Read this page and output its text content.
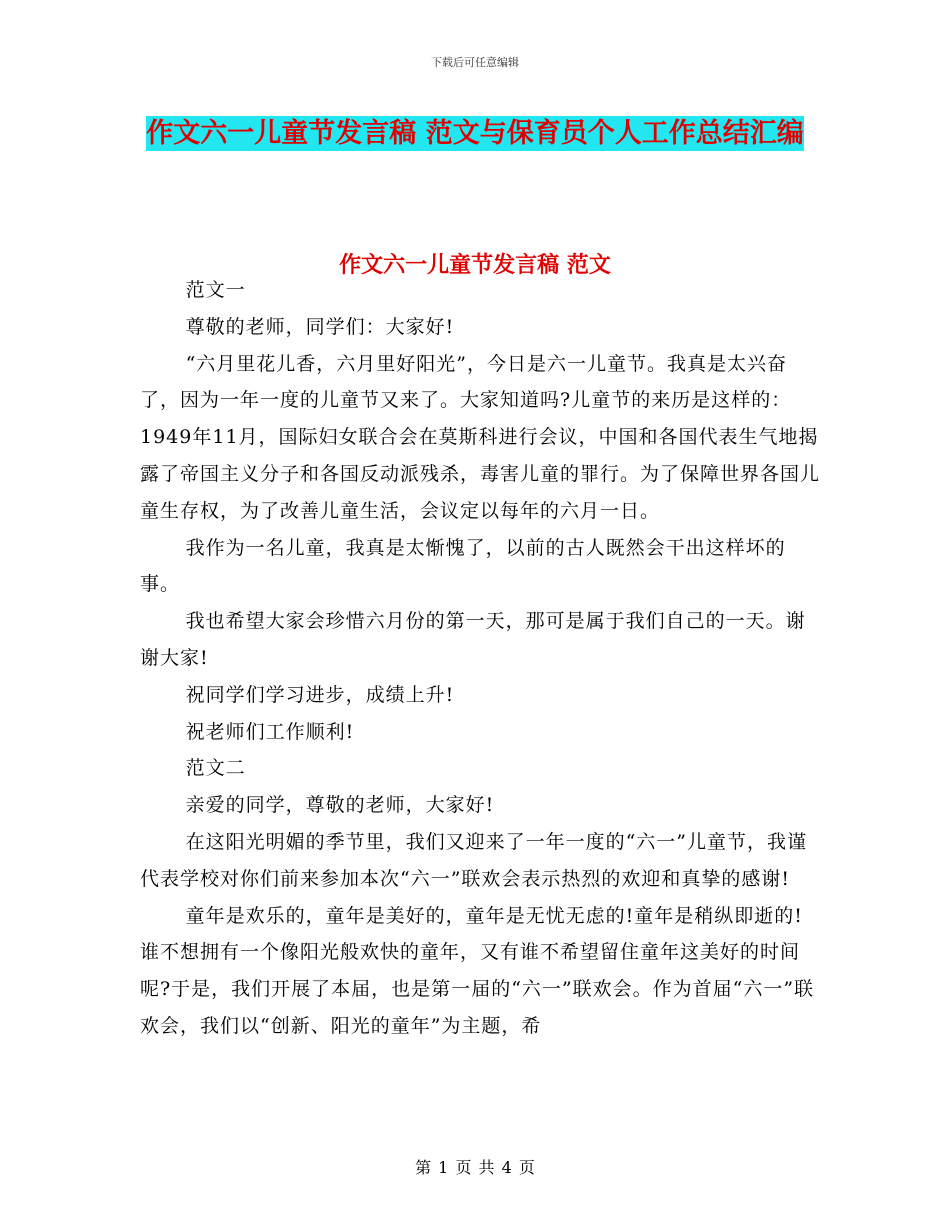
下载后可任意编辑
作文六一儿童节发言稿 范文与保育员个人工作总结汇编
作文六一儿童节发言稿 范文

范文一

尊敬的老师，同学们：大家好!

“六月里花儿香，六月里好阳光”，今日是六一儿童节。我真是太兴奋了，因为一年一度的儿童节又来了。大家知道吗?儿童节的来历是这样的：1949年11月，国际妇女联合会在莫斯科进行会议，中国和各国代表生气地揭露了帝国主义分子和各国反动派残杀，毒害儿童的罪行。为了保障世界各国儿童生存权，为了改善儿童生活，会议定以每年的六月一日。

我作为一名儿童，我真是太惭愧了，以前的古人既然会干出这样坏的事。

我也希望大家会珍惜六月份的第一天，那可是属于我们自己的一天。谢谢大家!

祝同学们学习进步，成绩上升!

祝老师们工作顺利!

范文二

亲爱的同学，尊敬的老师，大家好!

在这阳光明媚的季节里，我们又迎来了一年一度的“六一”儿童节，我谨代表学校对你们前来参加本次“六一”联欢会表示热烈的欢迎和真挚的感谢!

童年是欢乐的，童年是美好的，童年是无忧无虑的!童年是稍纵即逝的!谁不想拥有一个像阳光般欢快的童年，又有谁不希望留住童年这美好的时间呢?于是，我们开展了本届，也是第一届的“六一”联欢会。作为首届“六一”联欢会，我们以“创新、阳光的童年”为主题，希

第 1 页 共 4 页
